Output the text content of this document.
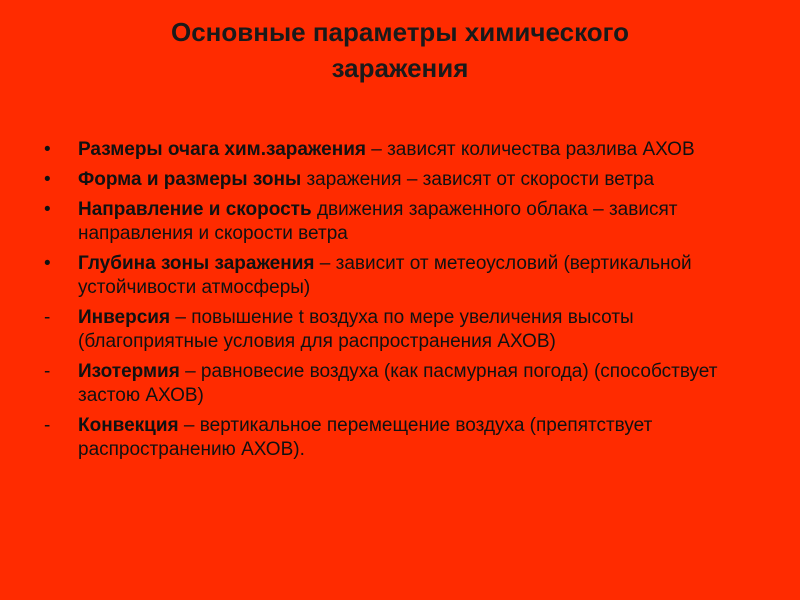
Основные параметры химического заражения
•	Размеры очага хим.заражения – зависят количества разлива АХОВ
•	Форма и размеры зоны заражения – зависят от скорости ветра
•	Направление и скорость движения зараженного облака – зависят направления и скорости ветра
•	Глубина зоны заражения – зависит от метеоусловий (вертикальной устойчивости атмосферы)
-	Инверсия – повышение t воздуха по мере увеличения высоты (благоприятные условия для распространения АХОВ)
-	Изотермия – равновесие воздуха (как пасмурная погода) (способствует застою АХОВ)
-	Конвекция – вертикальное перемещение воздуха (препятствует распространению АХОВ).
